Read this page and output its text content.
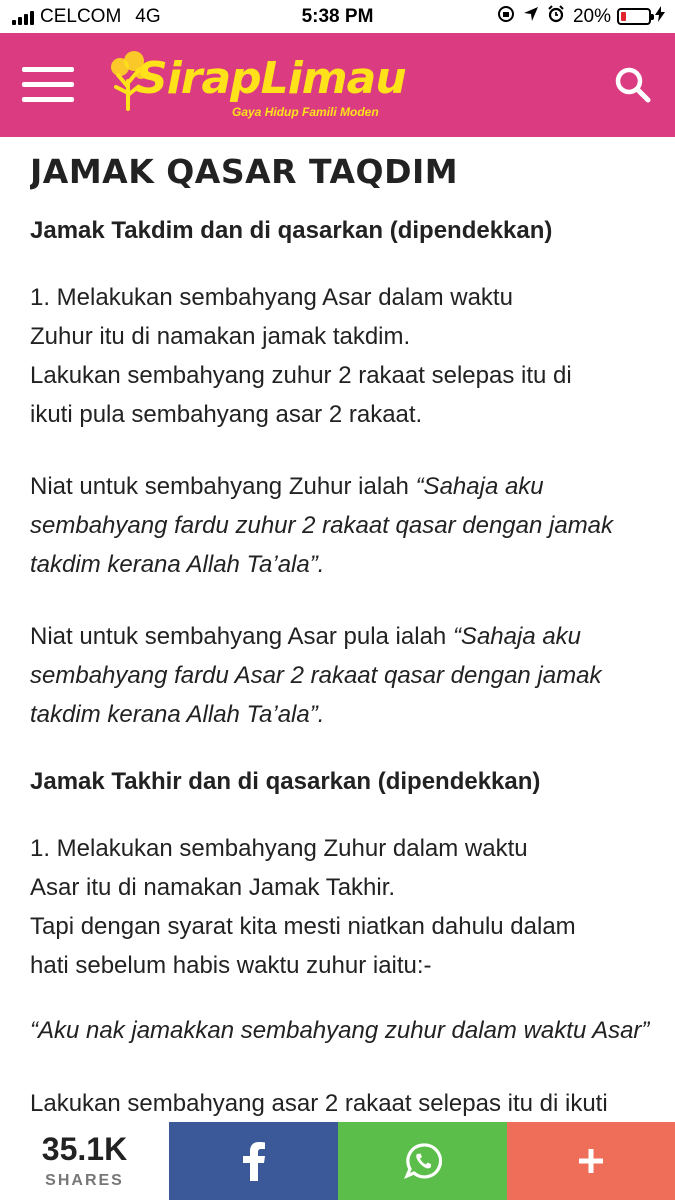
CELCOM 4G	5:38 PM	20%
SirapLimau
Gaya Hidup Famili Moden
JAMAK QASAR TAQDIM
Jamak Takdim dan di qasarkan (dipendekkan)

1. Melakukan sembahyang Asar dalam waktu
Zuhur itu di namakan jamak takdim.
Lakukan sembahyang zuhur 2 rakaat selepas itu di
ikuti pula sembahyang asar 2 rakaat.

Niat untuk sembahyang Zuhur ialah “Sahaja aku
sembahyang fardu zuhur 2 rakaat qasar dengan jamak
takdim kerana Allah Ta’ala”.

Niat untuk sembahyang Asar pula ialah “Sahaja aku
sembahyang fardu Asar 2 rakaat qasar dengan jamak
takdim kerana Allah Ta’ala”.

Jamak Takhir dan di qasarkan (dipendekkan)

1. Melakukan sembahyang Zuhur dalam waktu
Asar itu di namakan Jamak Takhir.
Tapi dengan syarat kita mesti niatkan dahulu dalam
hati sebelum habis waktu zuhur iaitu:-

“Aku nak jamakkan sembahyang zuhur dalam waktu Asar”

Lakukan sembahyang asar 2 rakaat selepas itu di ikuti

35.1K
SHARES
